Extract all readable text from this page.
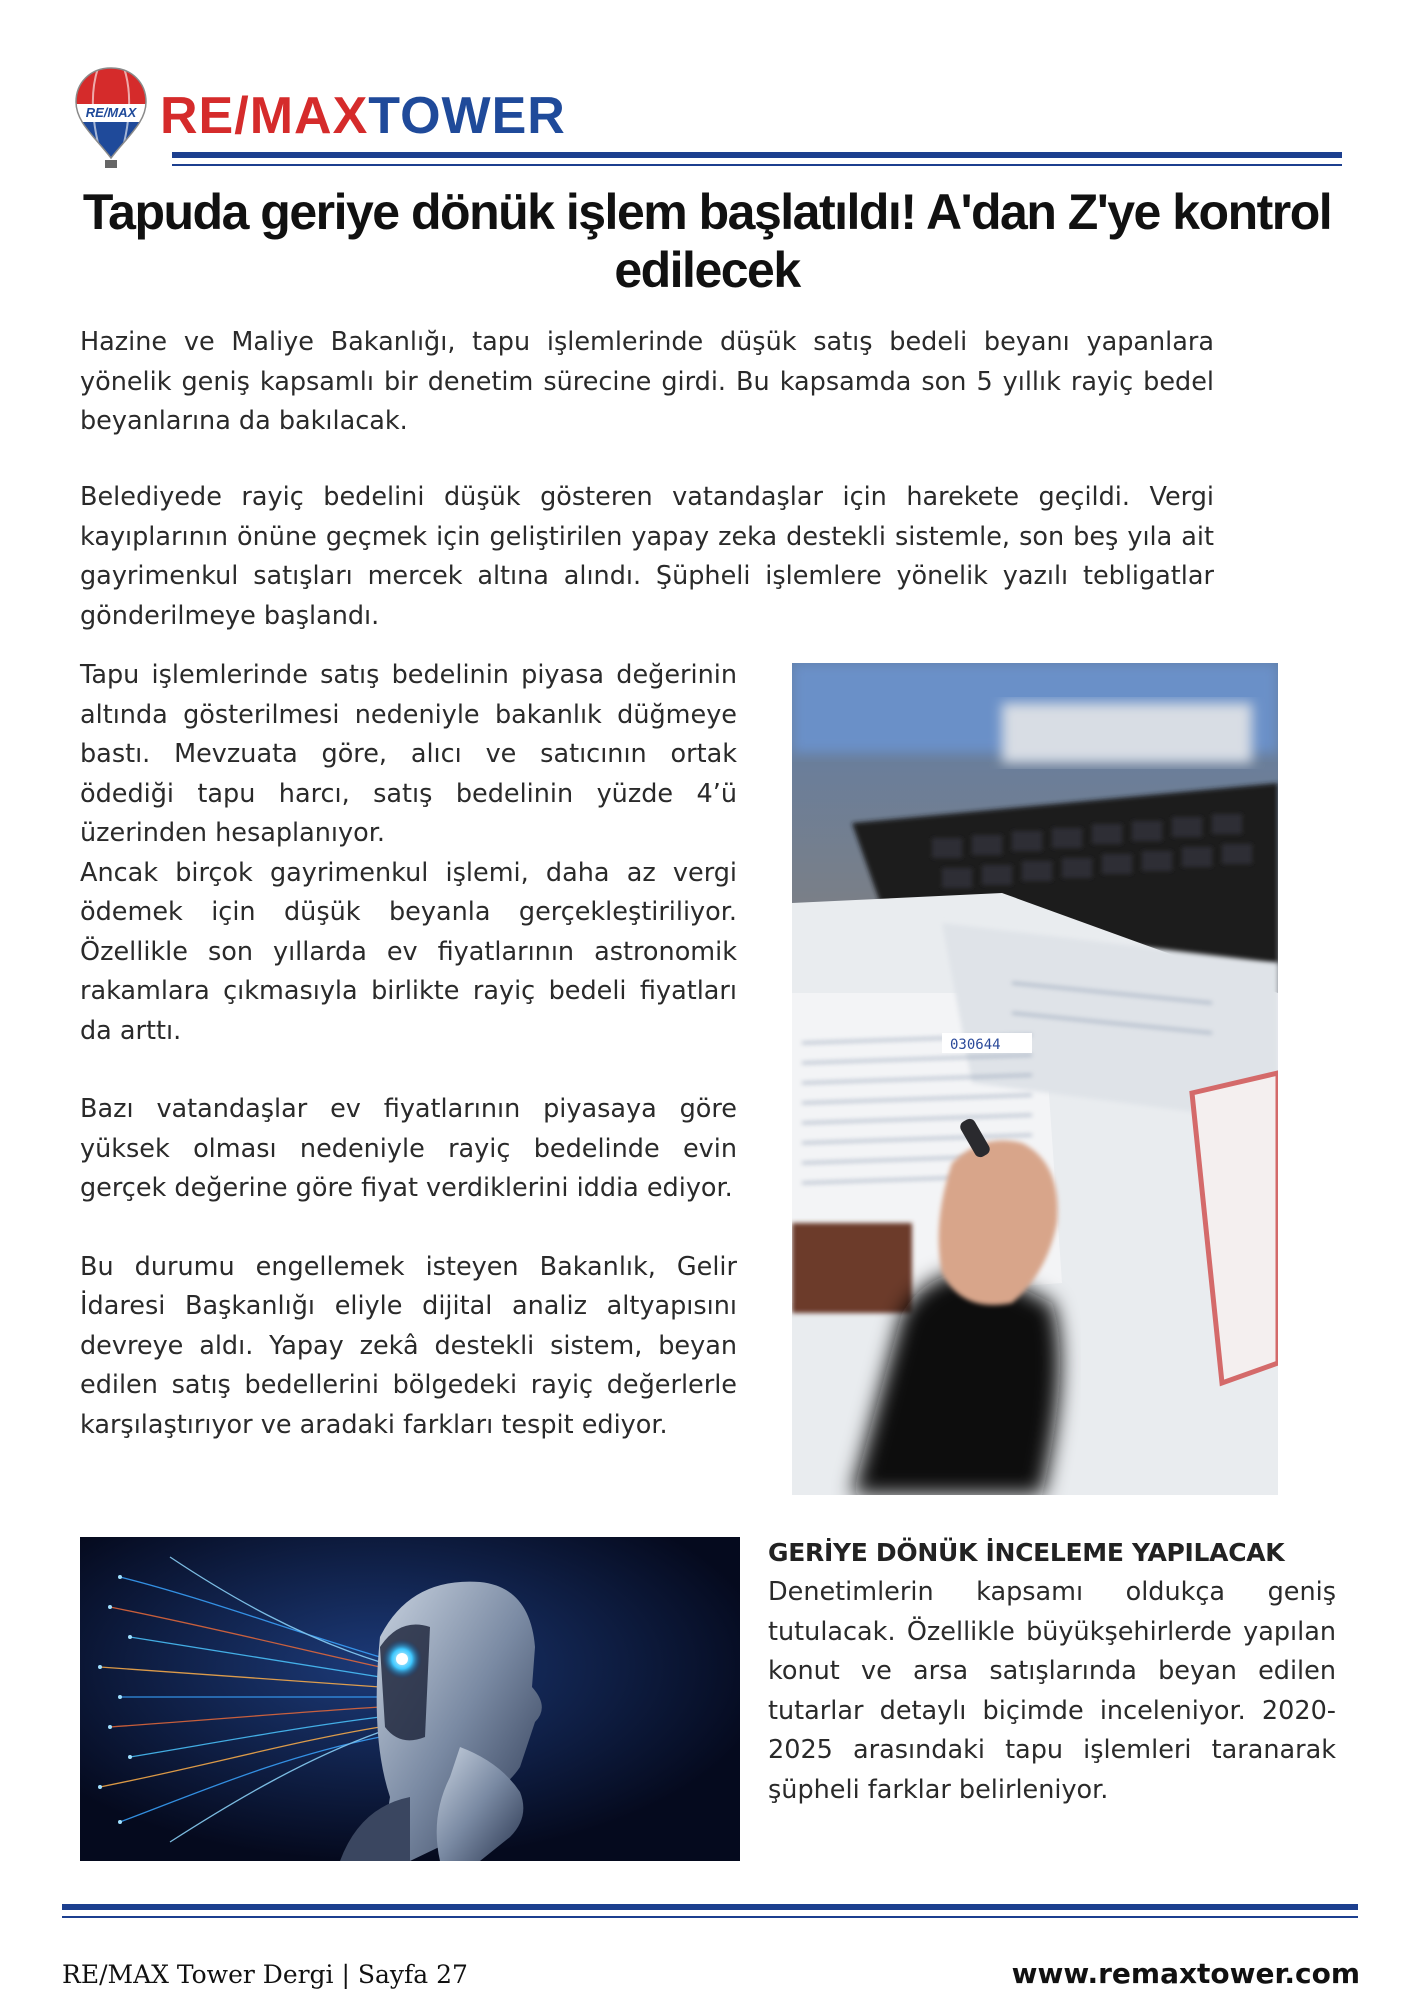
RE/MAX RE/MAXTOWER
Tapuda geriye dönük işlem başlatıldı! A'dan Z'ye kontrol edilecek
Hazine ve Maliye Bakanlığı, tapu işlemlerinde düşük satış bedeli beyanı yapanlara yönelik geniş kapsamlı bir denetim sürecine girdi. Bu kapsamda son 5 yıllık rayiç bedel beyanlarına da bakılacak.
Belediyede rayiç bedelini düşük gösteren vatandaşlar için harekete geçildi. Vergi kayıplarının önüne geçmek için geliştirilen yapay zeka destekli sistemle, son beş yıla ait gayrimenkul satışları mercek altına alındı. Şüpheli işlemlere yönelik yazılı tebligatlar gönderilmeye başlandı.

Tapu işlemlerinde satış bedelinin piyasa değerinin altında gösterilmesi nedeniyle bakanlık düğmeye bastı. Mevzuata göre, alıcı ve satıcının ortak ödediği tapu harcı, satış bedelinin yüzde 4’ü üzerinden hesaplanıyor.

Ancak birçok gayrimenkul işlemi, daha az vergi ödemek için düşük beyanla gerçekleştiriliyor. Özellikle son yıllarda ev fiyatlarının astronomik rakamlara çıkmasıyla birlikte rayiç bedeli fiyatları da arttı.

Bazı vatandaşlar ev fiyatlarının piyasaya göre yüksek olması nedeniyle rayiç bedelinde evin gerçek değerine göre fiyat verdiklerini iddia ediyor.

Bu durumu engellemek isteyen Bakanlık, Gelir İdaresi Başkanlığı eliyle dijital analiz altyapısını devreye aldı. Yapay zekâ destekli sistem, beyan edilen satış bedellerini bölgedeki rayiç değerlerle karşılaştırıyor ve aradaki farkları tespit ediyor.

030644
GERİYE DÖNÜK İNCELEME YAPILACAK
Denetimlerin kapsamı oldukça geniş tutulacak. Özellikle büyükşehirlerde yapılan konut ve arsa satışlarında beyan edilen tutarlar detaylı biçimde inceleniyor. 2020-2025 arasındaki tapu işlemleri taranarak şüpheli farklar belirleniyor.
RE/MAX Tower Dergi | Sayfa 27	www.remaxtower.com
